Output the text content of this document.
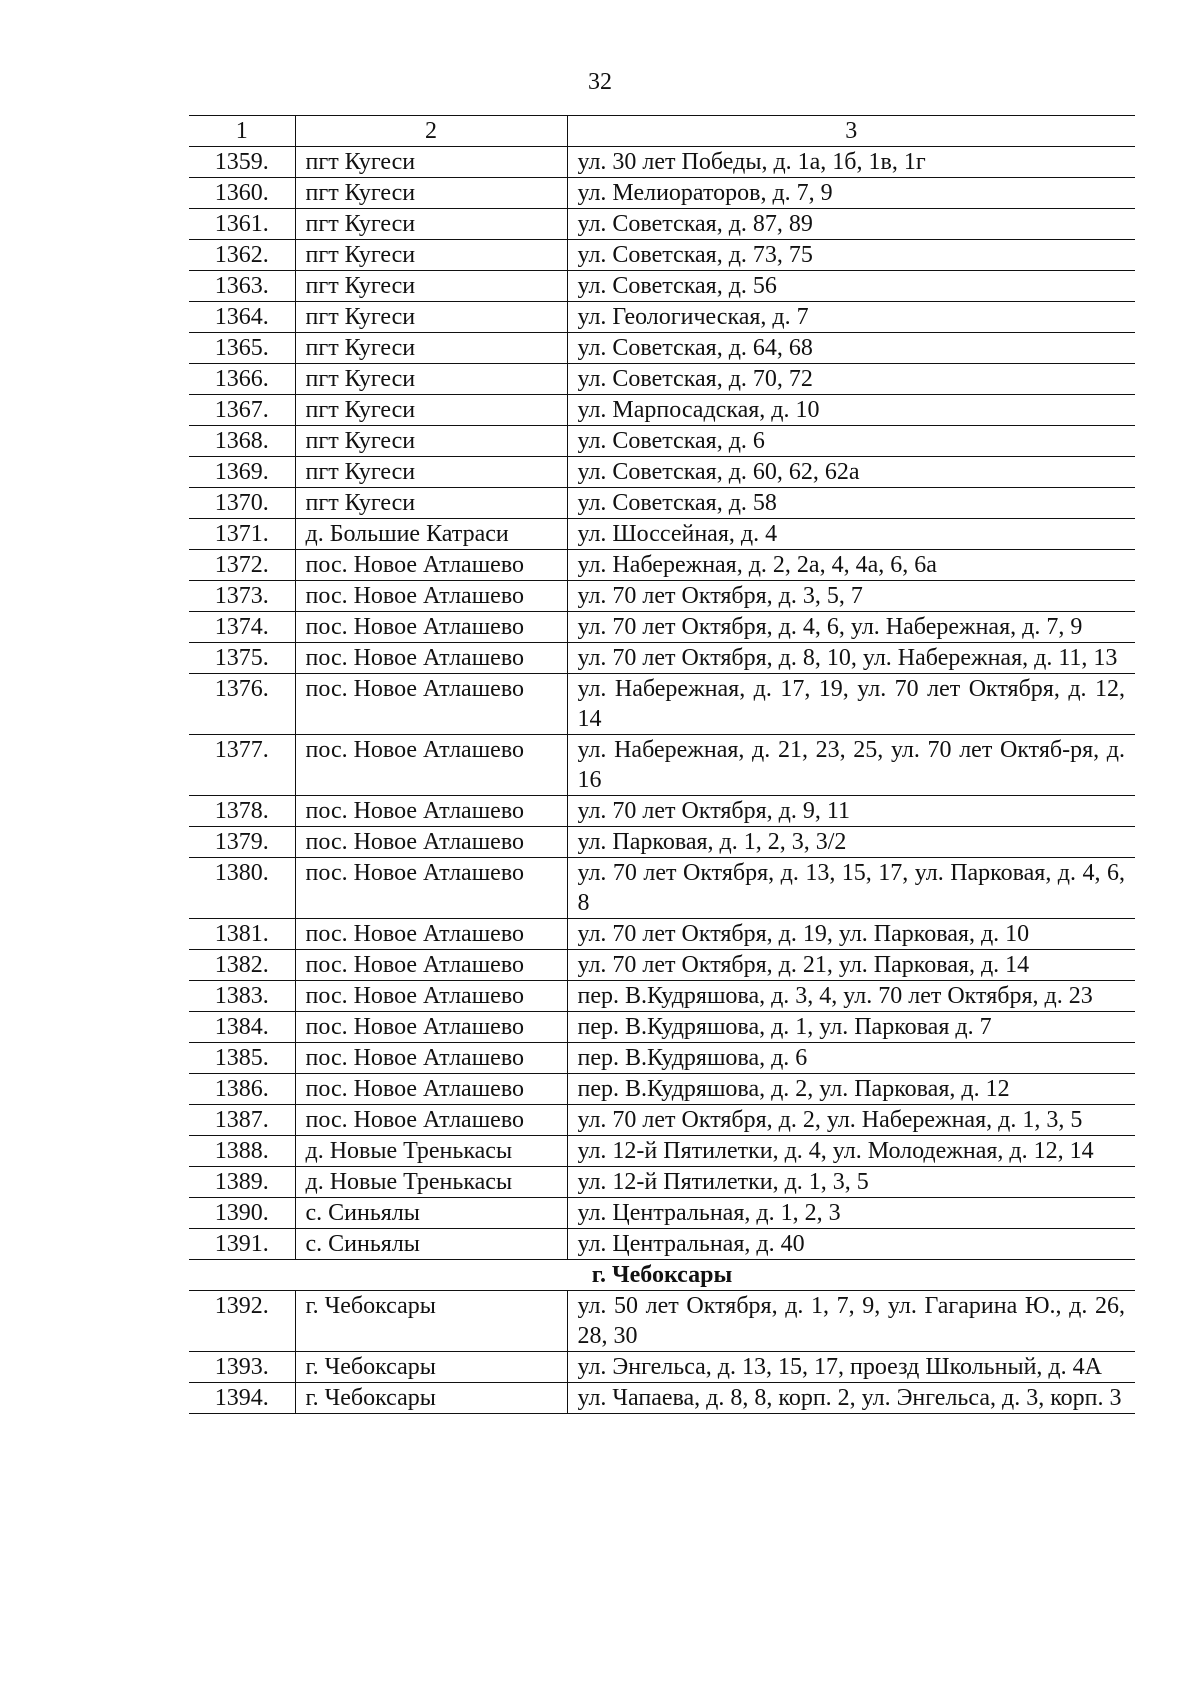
32
1	2	3
1359.	пгт Кугеси	ул. 30 лет Победы, д. 1а, 1б, 1в, 1г
1360.	пгт Кугеси	ул. Мелиораторов, д. 7, 9
1361.	пгт Кугеси	ул. Советская, д. 87, 89
1362.	пгт Кугеси	ул. Советская, д. 73, 75
1363.	пгт Кугеси	ул. Советская, д. 56
1364.	пгт Кугеси	ул. Геологическая, д. 7
1365.	пгт Кугеси	ул. Советская, д. 64, 68
1366.	пгт Кугеси	ул. Советская, д. 70, 72
1367.	пгт Кугеси	ул. Марпосадская, д. 10
1368.	пгт Кугеси	ул. Советская, д. 6
1369.	пгт Кугеси	ул. Советская, д. 60, 62, 62а
1370.	пгт Кугеси	ул. Советская, д. 58
1371.	д. Большие Катраси	ул. Шоссейная, д. 4
1372.	пос. Новое Атлашево	ул. Набережная, д. 2, 2а, 4, 4а, 6, 6а
1373.	пос. Новое Атлашево	ул. 70 лет Октября, д. 3, 5, 7
1374.	пос. Новое Атлашево	ул. 70 лет Октября, д. 4, 6, ул. Набережная, д. 7, 9
1375.	пос. Новое Атлашево	ул. 70 лет Октября, д. 8, 10, ул. Набережная, д. 11, 13
1376.	пос. Новое Атлашево	ул. Набережная, д. 17, 19, ул. 70 лет Октября, д. 12, 14
1377.	пос. Новое Атлашево	ул. Набережная, д. 21, 23, 25, ул. 70 лет Октяб-ря, д. 16
1378.	пос. Новое Атлашево	ул. 70 лет Октября, д. 9, 11
1379.	пос. Новое Атлашево	ул. Парковая, д. 1, 2, 3, 3/2
1380.	пос. Новое Атлашево	ул. 70 лет Октября, д. 13, 15, 17, ул. Парковая, д. 4, 6, 8
1381.	пос. Новое Атлашево	ул. 70 лет Октября, д. 19, ул. Парковая, д. 10
1382.	пос. Новое Атлашево	ул. 70 лет Октября, д. 21, ул. Парковая, д. 14
1383.	пос. Новое Атлашево	пер. В.Кудряшова, д. 3, 4, ул. 70 лет Октября, д. 23
1384.	пос. Новое Атлашево	пер. В.Кудряшова, д. 1, ул. Парковая д. 7
1385.	пос. Новое Атлашево	пер. В.Кудряшова, д. 6
1386.	пос. Новое Атлашево	пер. В.Кудряшова, д. 2, ул. Парковая, д. 12
1387.	пос. Новое Атлашево	ул. 70 лет Октября, д. 2, ул. Набережная, д. 1, 3, 5
1388.	д. Новые Тренькасы	ул. 12-й Пятилетки, д. 4, ул. Молодежная, д. 12, 14
1389.	д. Новые Тренькасы	ул. 12-й Пятилетки, д. 1, 3, 5
1390.	с. Синьялы	ул. Центральная, д. 1, 2, 3
1391.	с. Синьялы	ул. Центральная, д. 40
г. Чебоксары		
1392.	г. Чебоксары	ул. 50 лет Октября, д. 1, 7, 9, ул. Гагарина Ю., д. 26, 28, 30
1393.	г. Чебоксары	ул. Энгельса, д. 13, 15, 17, проезд Школьный, д. 4А
1394.	г. Чебоксары	ул. Чапаева, д. 8, 8, корп. 2, ул. Энгельса, д. 3, корп. 3
